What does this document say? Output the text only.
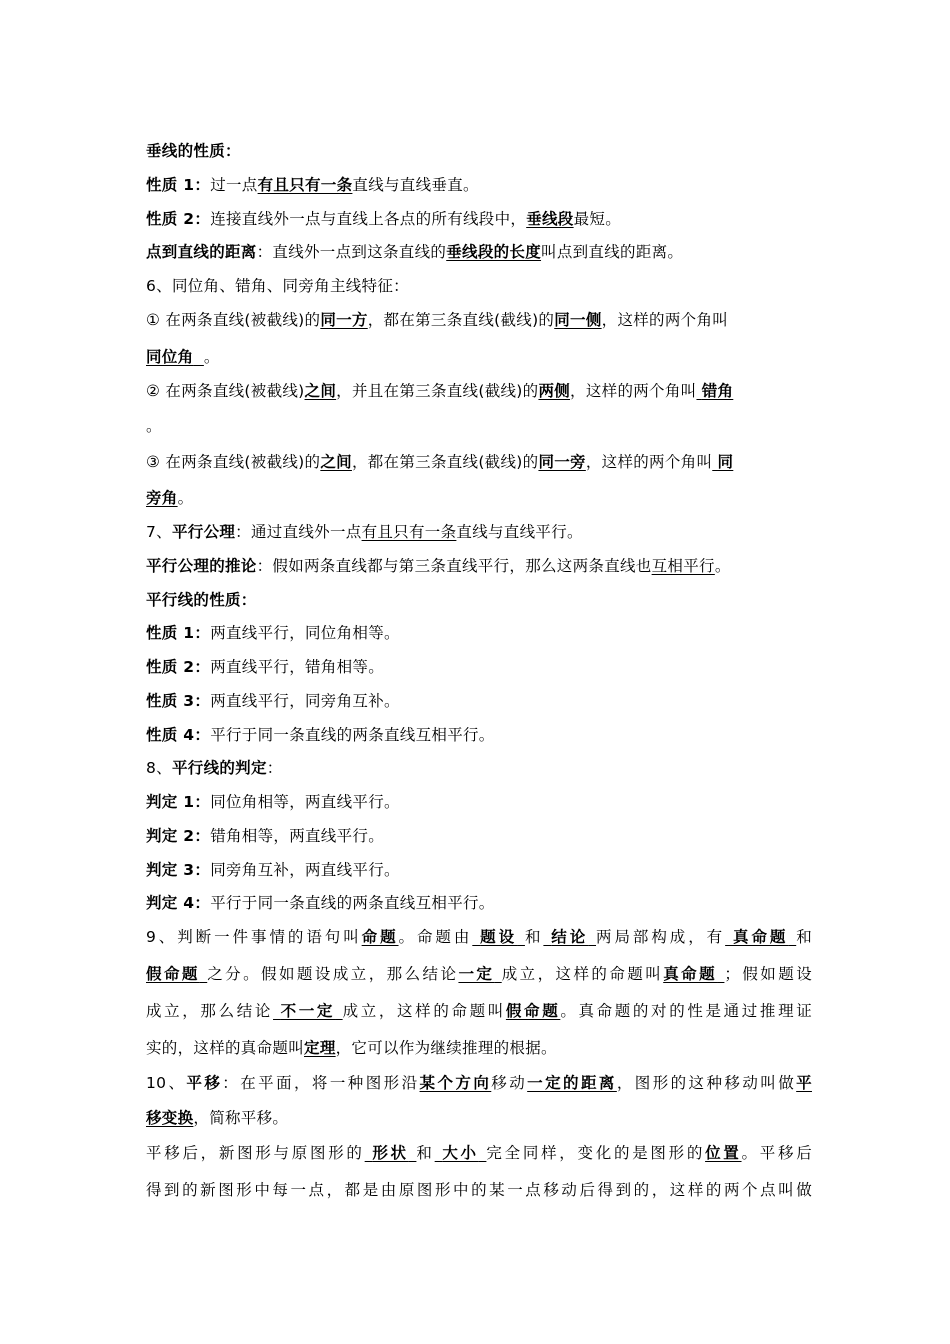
垂线的性质：
性质 1：过一点有且只有一条直线与直线垂直。
性质 2：连接直线外一点与直线上各点的所有线段中，垂线段最短。
点到直线的距离：直线外一点到这条直线的垂线段的长度叫点到直线的距离。
6、同位角、错角、同旁角主线特征：
① 在两条直线(被截线)的同一方，都在第三条直线(截线)的同一侧，这样的两个角叫
同位角 。
② 在两条直线(被截线)之间，并且在第三条直线(截线)的两侧，这样的两个角叫 错角
。
③ 在两条直线(被截线)的之间，都在第三条直线(截线)的同一旁，这样的两个角叫 同
旁角。
7、平行公理：通过直线外一点有且只有一条直线与直线平行。
平行公理的推论：假如两条直线都与第三条直线平行，那么这两条直线也互相平行。
平行线的性质：
性质 1：两直线平行，同位角相等。
性质 2：两直线平行，错角相等。
性质 3：两直线平行，同旁角互补。
性质 4：平行于同一条直线的两条直线互相平行。
8、平行线的判定：
判定 1：同位角相等，两直线平行。
判定 2：错角相等，两直线平行。
判定 3：同旁角互补，两直线平行。
判定 4：平行于同一条直线的两条直线互相平行。
9、判断一件事情的语句叫命题。命题由 题设 和 结论 两局部构成，有 真命题 和
假命题 之分。假如题设成立，那么结论一定 成立，这样的命题叫真命题 ；假如题设
成立，那么结论 不一定 成立，这样的命题叫假命题。真命题的对的性是通过推理证
实的，这样的真命题叫定理，它可以作为继续推理的根据。
10、平移：在平面，将一种图形沿某个方向移动一定的距离，图形的这种移动叫做平
移变换，简称平移。
平移后，新图形与原图形的 形状 和 大小 完全同样，变化的是图形的位置。平移后
得到的新图形中每一点，都是由原图形中的某一点移动后得到的，这样的两个点叫做
